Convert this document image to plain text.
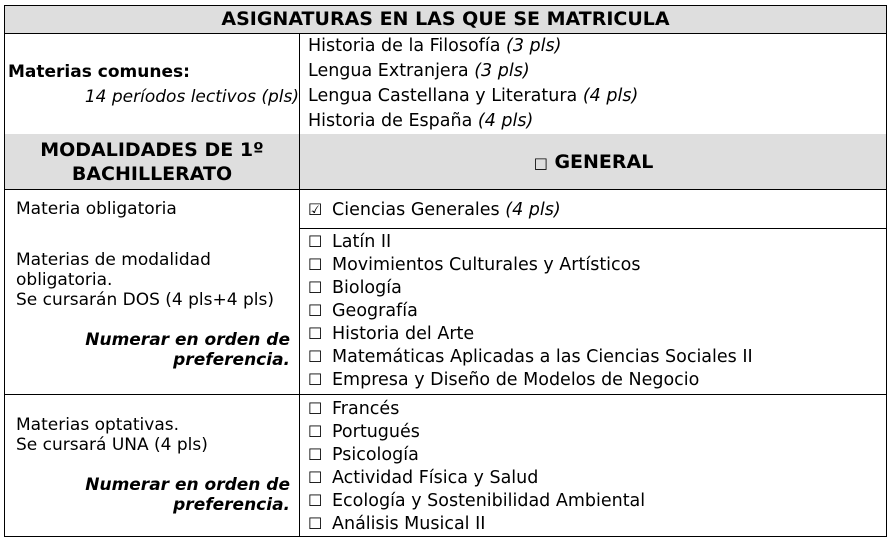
ASIGNATURAS EN LAS QUE SE MATRICULA
Materias comunes:
14 períodos lectivos (pls)
Historia de la Filosofía (3 pls)
Lengua Extranjera (3 pls)
Lengua Castellana y Literatura (4 pls)
Historia de España (4 pls)
MODALIDADES DE 1º
BACHILLERATO	□ GENERAL
Materia obligatoria	☑ Ciencias Generales (4 pls)
Materias de modalidad
obligatoria.
Se cursarán DOS (4 pls+4 pls)
Numerar en orden de
preferencia.
☐ Latín II
☐ Movimientos Culturales y Artísticos
☐ Biología
☐ Geografía
☐ Historia del Arte
☐ Matemáticas Aplicadas a las Ciencias Sociales II
☐ Empresa y Diseño de Modelos de Negocio
Materias optativas.
Se cursará UNA (4 pls)
Numerar en orden de
preferencia.
☐ Francés
☐ Portugués
☐ Psicología
☐ Actividad Física y Salud
☐ Ecología y Sostenibilidad Ambiental
☐ Análisis Musical II
